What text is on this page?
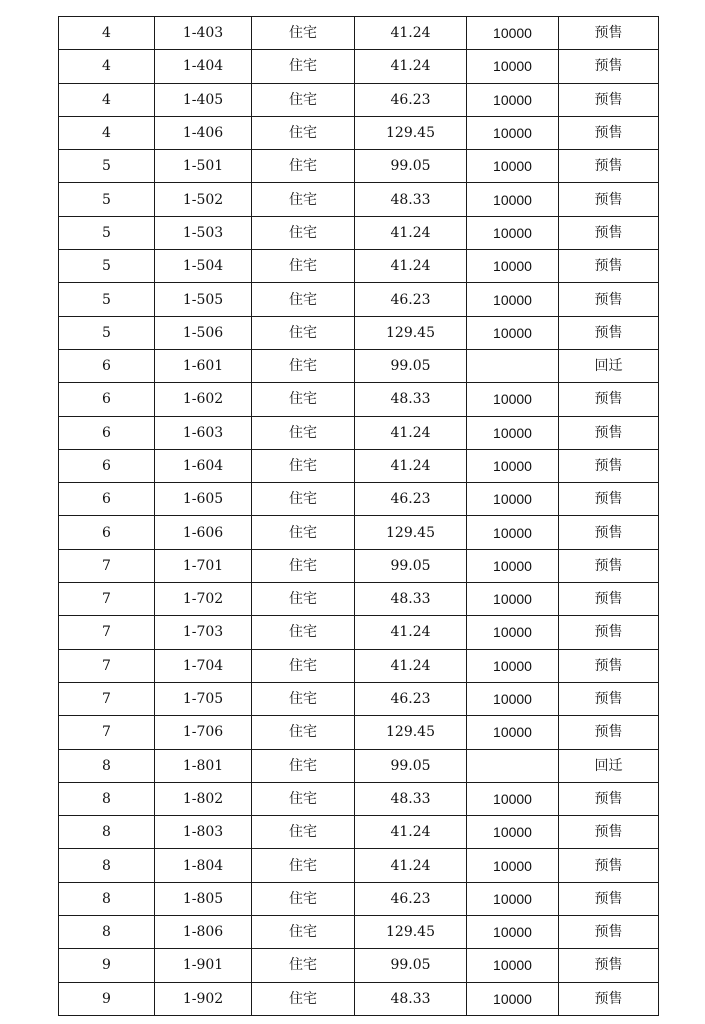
4	1-403	住宅	41.24	10000	预售
4	1-404	住宅	41.24	10000	预售
4	1-405	住宅	46.23	10000	预售
4	1-406	住宅	129.45	10000	预售
5	1-501	住宅	99.05	10000	预售
5	1-502	住宅	48.33	10000	预售
5	1-503	住宅	41.24	10000	预售
5	1-504	住宅	41.24	10000	预售
5	1-505	住宅	46.23	10000	预售
5	1-506	住宅	129.45	10000	预售
6	1-601	住宅	99.05		回迁
6	1-602	住宅	48.33	10000	预售
6	1-603	住宅	41.24	10000	预售
6	1-604	住宅	41.24	10000	预售
6	1-605	住宅	46.23	10000	预售
6	1-606	住宅	129.45	10000	预售
7	1-701	住宅	99.05	10000	预售
7	1-702	住宅	48.33	10000	预售
7	1-703	住宅	41.24	10000	预售
7	1-704	住宅	41.24	10000	预售
7	1-705	住宅	46.23	10000	预售
7	1-706	住宅	129.45	10000	预售
8	1-801	住宅	99.05		回迁
8	1-802	住宅	48.33	10000	预售
8	1-803	住宅	41.24	10000	预售
8	1-804	住宅	41.24	10000	预售
8	1-805	住宅	46.23	10000	预售
8	1-806	住宅	129.45	10000	预售
9	1-901	住宅	99.05	10000	预售
9	1-902	住宅	48.33	10000	预售
